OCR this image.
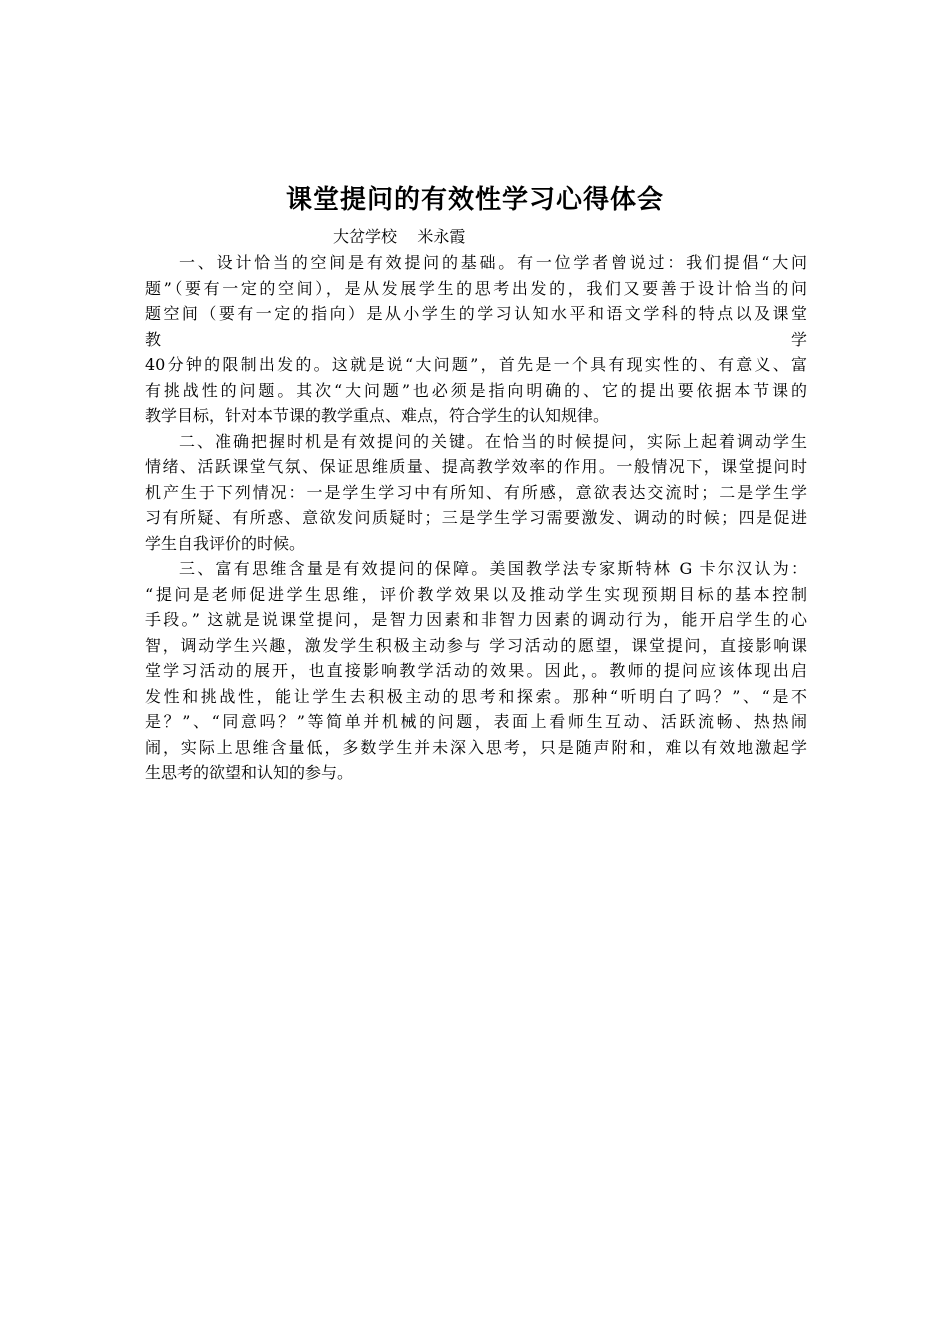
课堂提问的有效性学习心得体会
大岔学校    米永霞
一、设计恰当的空间是有效提问的基础。有一位学者曾说过：我们提倡“大问
题”（要有一定的空间），是从发展学生的思考出发的，我们又要善于设计恰当的问
题空间（要有一定的指向）是从小学生的学习认知水平和语文学科的特点以及课堂
教 学
40分钟的限制出发的。这就是说“大问题”，首先是一个具有现实性的、有意义、富
有挑战性的问题。其次“大问题”也必须是指向明确的、它的提出要依据本节课的
教学目标，针对本节课的教学重点、难点，符合学生的认知规律。
二、准确把握时机是有效提问的关键。在恰当的时候提问，实际上起着调动学生
情绪、活跃课堂气氛、保证思维质量、提高教学效率的作用。一般情况下，课堂提问时
机产生于下列情况：一是学生学习中有所知、有所感，意欲表达交流时；二是学生学
习有所疑、有所惑、意欲发问质疑时；三是学生学习需要激发、调动的时候；四是促进
学生自我评价的时候。
三、富有思维含量是有效提问的保障。美国教学法专家斯特林 G 卡尔汉认为：
“提问是老师促进学生思维，评价教学效果以及推动学生实现预期目标的基本控制
手段。” 这就是说课堂提问，是智力因素和非智力因素的调动行为，能开启学生的心
智，调动学生兴趣，激发学生积极主动参与 学习活动的愿望，课堂提问，直接影响课
堂学习活动的展开，也直接影响教学活动的效果。因此，。教师的提问应该体现出启
发性和挑战性，能让学生去积极主动的思考和探索。那种“听明白了吗？”、“是不
是？”、“同意吗？”等简单并机械的问题，表面上看师生互动、活跃流畅、热热闹
闹，实际上思维含量低，多数学生并未深入思考，只是随声附和，难以有效地激起学
生思考的欲望和认知的参与。
